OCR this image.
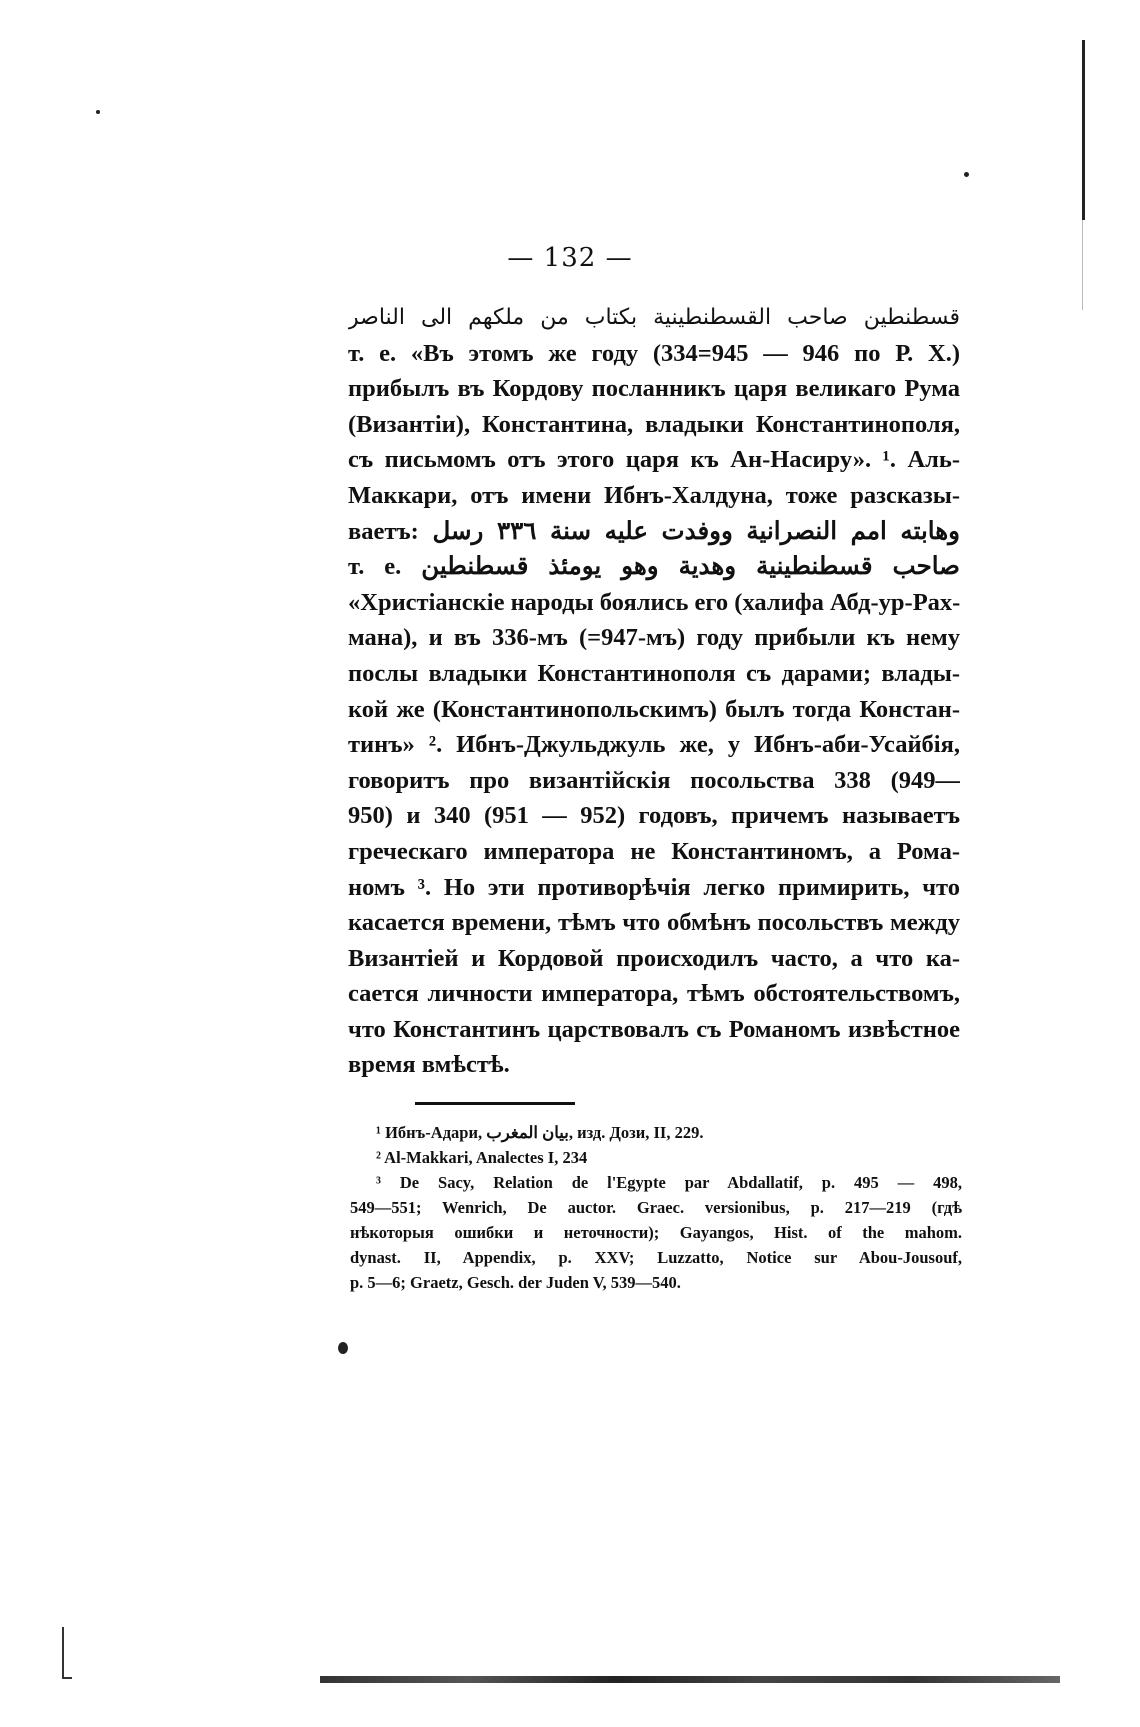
— 132 —
قسطنطين صاحب القسطنطينية بكتاب من ملكهم الى الناصر
т. е. «Въ этомъ же году (334=945 — 946 по Р. Х.)
прибылъ въ Кордову посланникъ царя великаго Рума
(Византіи), Константина, владыки Константинополя,
съ письмомъ отъ этого царя къ Ан-Насиру». ¹. Аль-
Маккари, отъ имени Ибнъ-Халдуна, тоже разсказы-
ваетъ: وهابته امم النصرانية ووفدت عليه سنة ٣٣٦ رسل
т. е. صاحب قسطنطينية وهدية وهو يومئذ قسطنطين
«Христіанскіе народы боялись его (халифа Абд-ур-Рах-
мана), и въ 336-мъ (=947-мъ) году прибыли къ нему
послы владыки Константинополя съ дарами; влады-
кой же (Константинопольскимъ) былъ тогда Констан-
тинъ» ². Ибнъ-Джульджуль же, у Ибнъ-аби-Усайбія,
говоритъ про византійскія посольства 338 (949—
950) и 340 (951 — 952) годовъ, причемъ называетъ
греческаго императора не Константиномъ, а Рома-
номъ ³. Но эти противорѣчія легко примирить, что
касается времени, тѣмъ что обмѣнъ посольствъ между
Византіей и Кордовой происходилъ часто, а что ка-
сается личности императора, тѣмъ обстоятельствомъ,
что Константинъ царствовалъ съ Романомъ извѣстное
время вмѣстѣ.
¹ Ибнъ-Адари, بيان المغرب, изд. Дози, II, 229.
² Al-Makkari, Analectes I, 234
³ De Sacy, Relation de l'Egypte par Abdallatif, p. 495 — 498,
549—551; Wenrich, De auctor. Graec. versionibus, p. 217—219 (гдѣ
нѣкоторыя ошибки и неточности); Gayangos, Hist. of the mahom.
dynast. II, Appendix, p. XXV; Luzzatto, Notice sur Abou-Jousouf,
p. 5—6; Graetz, Gesch. der Juden V, 539—540.
